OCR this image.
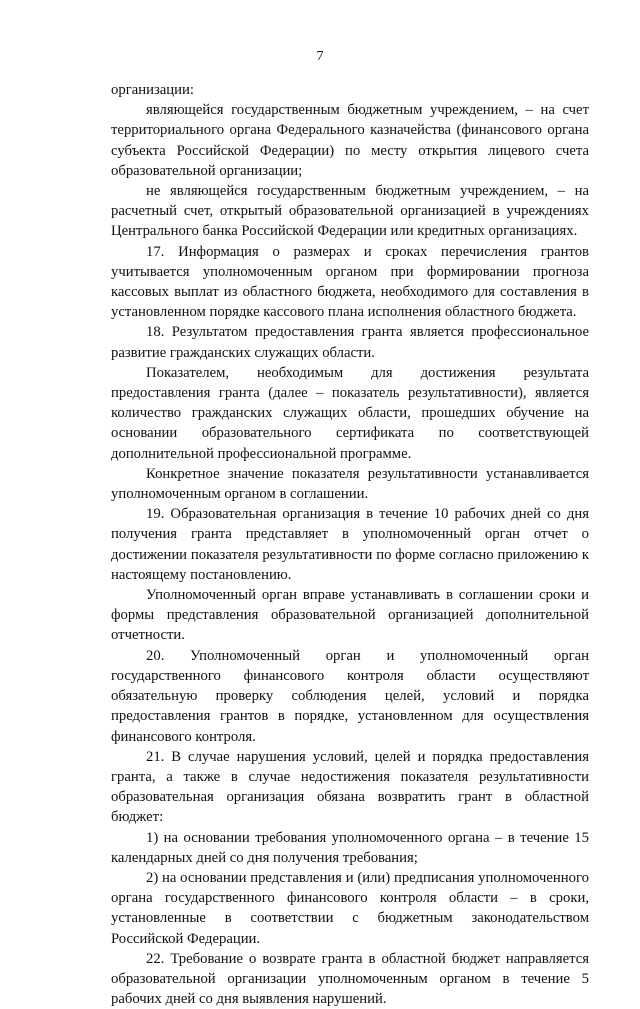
7

организации:

являющейся государственным бюджетным учреждением, – на счет территориального органа Федерального казначейства (финансового органа субъекта Российской Федерации) по месту открытия лицевого счета образовательной организации;

не являющейся государственным бюджетным учреждением, – на расчетный счет, открытый образовательной организацией в учреждениях Центрального банка Российской Федерации или кредитных организациях.

17. Информация о размерах и сроках перечисления грантов учитывается уполномоченным органом при формировании прогноза кассовых выплат из областного бюджета, необходимого для составления в установленном порядке кассового плана исполнения областного бюджета.

18. Результатом предоставления гранта является профессиональное развитие гражданских служащих области.

Показателем, необходимым для достижения результата предоставления гранта (далее – показатель результативности), является количество гражданских служащих области, прошедших обучение на основании образовательного сертификата по соответствующей дополнительной профессиональной программе.

Конкретное значение показателя результативности устанавливается уполномоченным органом в соглашении.

19. Образовательная организация в течение 10 рабочих дней со дня получения гранта представляет в уполномоченный орган отчет о достижении показателя результативности по форме согласно приложению к настоящему постановлению.

Уполномоченный орган вправе устанавливать в соглашении сроки и формы представления образовательной организацией дополнительной отчетности.

20. Уполномоченный орган и уполномоченный орган государственного финансового контроля области осуществляют обязательную проверку соблюдения целей, условий и порядка предоставления грантов в порядке, установленном для осуществления финансового контроля.

21. В случае нарушения условий, целей и порядка предоставления гранта, а также в случае недостижения показателя результативности образовательная организация обязана возвратить грант в областной бюджет:

1) на основании требования уполномоченного органа – в течение 15 календарных дней со дня получения требования;

2) на основании представления и (или) предписания уполномоченного органа государственного финансового контроля области – в сроки, установленные в соответствии с бюджетным законодательством Российской Федерации.

22. Требование о возврате гранта в областной бюджет направляется образовательной организации уполномоченным органом в течение 5 рабочих дней со дня выявления нарушений.
